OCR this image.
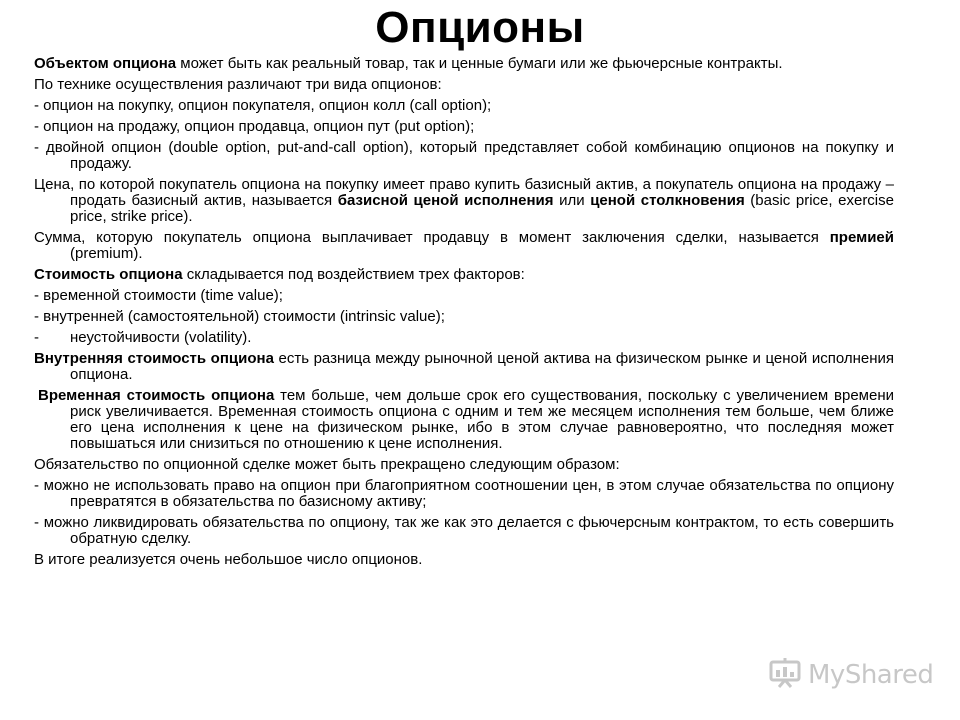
Опционы

Объектом опциона может быть как реальный товар, так и ценные бумаги или же фьючерсные контракты.

По технике осуществления различают три вида опционов:

- опцион на покупку, опцион покупателя, опцион колл (call option);

- опцион на продажу, опцион продавца, опцион пут (put option);

- двойной опцион (double option, put-and-call option), который представляет собой комбинацию опционов на покупку и продажу.

Цена, по которой покупатель опциона на покупку имеет право купить базисный актив, а покупатель опциона на продажу – продать базисный актив, называется базисной ценой исполнения или ценой столкновения (basic price, exercise price, strike price).

Сумма, которую покупатель опциона выплачивает продавцу в момент заключения сделки, называется премией (premium).

Стоимость опциона складывается под воздействием трех факторов:

- временной стоимости (time value);

- внутренней (самостоятельной) стоимости (intrinsic value);

- неустойчивости (volatility).

Внутренняя стоимость опциона есть разница между рыночной ценой актива на физическом рынке и ценой исполнения опциона.

Временная стоимость опциона тем больше, чем дольше срок его существования, поскольку с увеличением времени риск увеличивается. Временная стоимость опциона с одним и тем же месяцем исполнения тем больше, чем ближе его цена исполнения к цене на физическом рынке, ибо в этом случае равновероятно, что последняя может повышаться или снизиться по отношению к цене исполнения.

Обязательство по опционной сделке может быть прекращено следующим образом:

- можно не использовать право на опцион при благоприятном соотношении цен, в этом случае обязательства по опциону превратятся в обязательства по базисному активу;

- можно ликвидировать обязательства по опциону, так же как это делается с фьючерсным контрактом, то есть совершить обратную сделку.

В итоге реализуется очень небольшое число опционов.

MyShared
